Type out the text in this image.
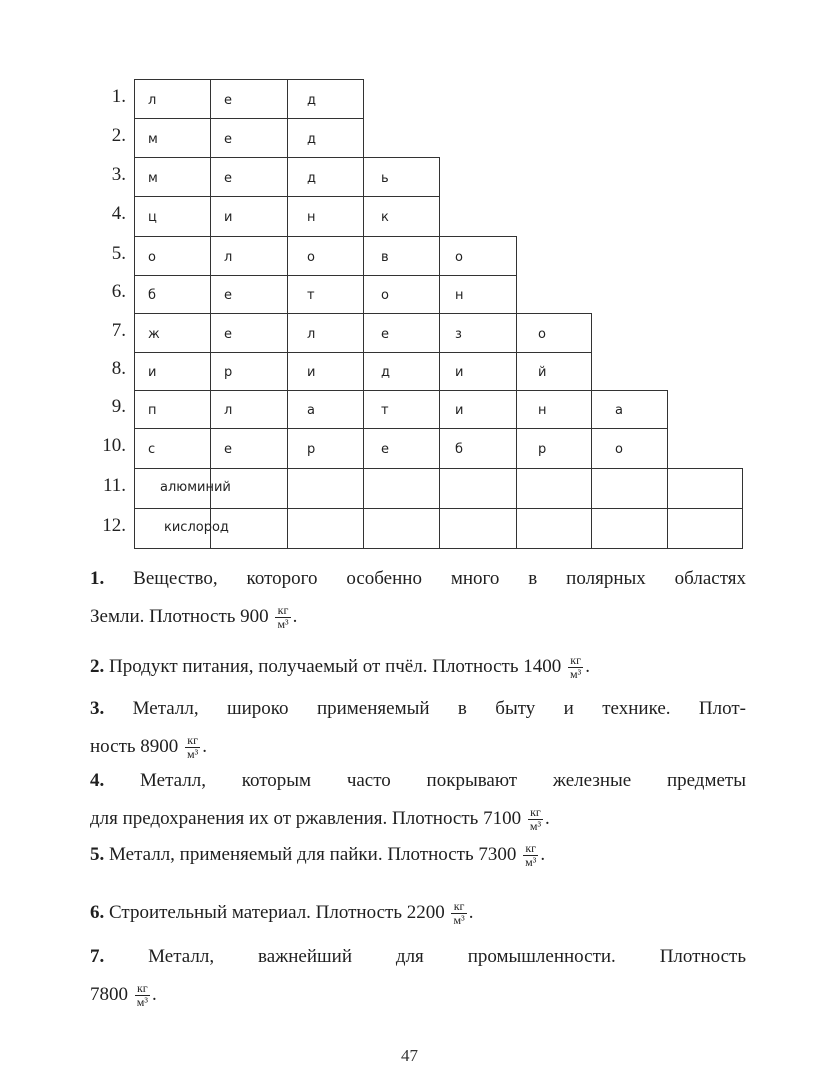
1. л	е	д
2. м	е	д
3. м	е	д	ь
4. ц	и	н	к
5. о	л	о	в	о
6. б	е	т	о	н
7. ж	е	л	е	з	о
8. и	р	и	д	и	й
9. п	л	а	т	и	н	а
10. с	е	р	е	б	р	о
11.	алюминий
12.	кислород
1. Вещество, которого особенно много в полярных областях
Земли. Плотность $900 \frac{кг}{\text{м³}}$ .
2. Продукт питания, получаемый от пчёл. Плотность $1400 \frac{кг}{\text{м³}}$ .
3. Металл, широко применяемый в быту и технике. Плот-
ность $8900 \frac{кг}{\text{м³}}$ .
4. Металл, которым часто покрывают железные предметы
для предохранения их от ржавления. Плотность $7100 \frac{кг}{\text{м³}}$ .
5. Металл, применяемый для пайки. Плотность $7300 \frac{кг}{\text{м³}}$ .
6. Строительный материал. Плотность $2200 \frac{кг}{\text{м³}}$ .
7. Металл, важнейший для промышленности. Плотность
$7800 \frac{кг}{\text{м³}}$ .
47
